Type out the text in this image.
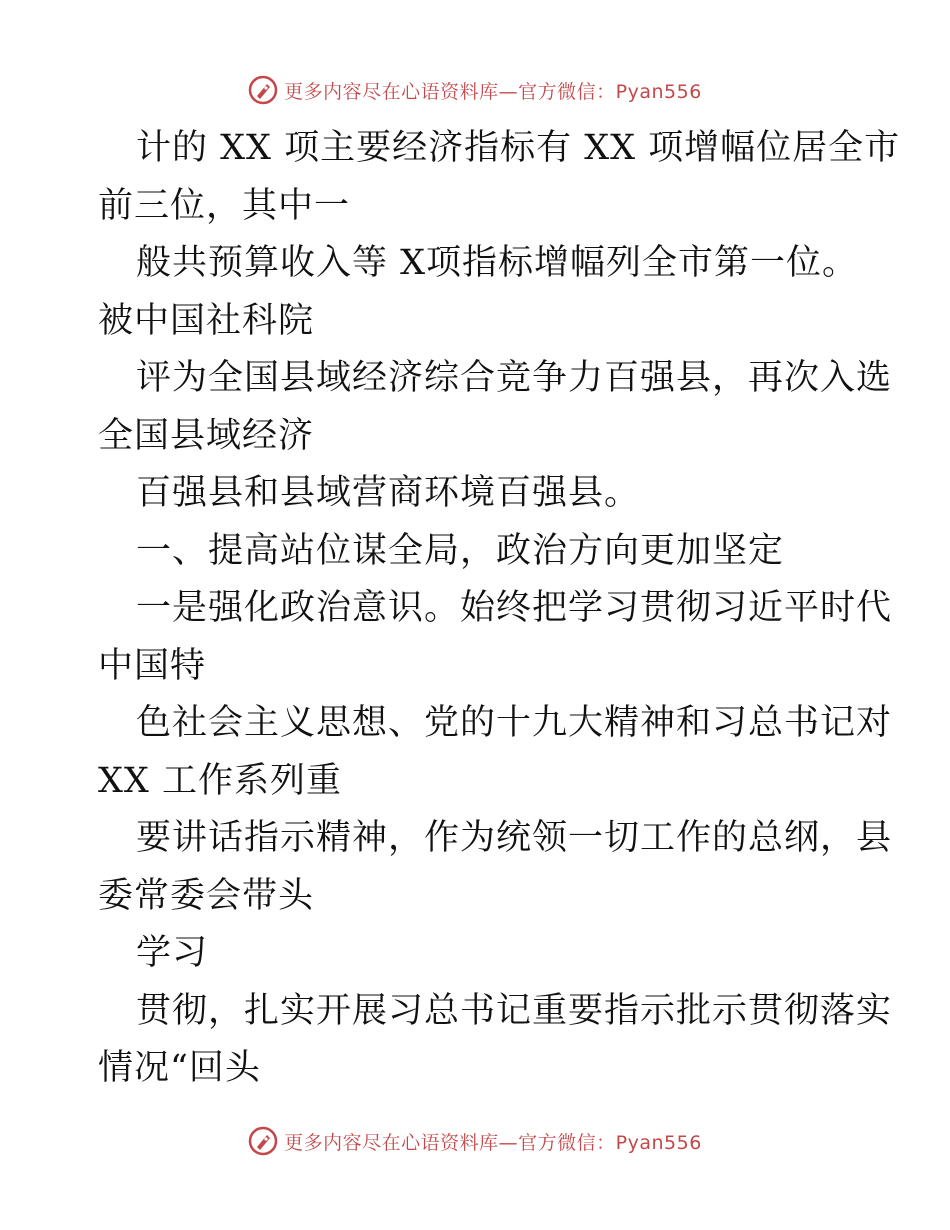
更多内容尽在心语资料库—官方微信：Pyan556
计的 XX 项主要经济指标有 XX 项增幅位居全市
前三位，其中一
般共预算收入等 X项指标增幅列全市第一位。
被中国社科院
评为全国县域经济综合竞争力百强县，再次入选
全国县域经济
百强县和县域营商环境百强县。
一、提高站位谋全局，政治方向更加坚定
一是强化政治意识。始终把学习贯彻习近平时代
中国特
色社会主义思想、党的十九大精神和习总书记对
XX 工作系列重
要讲话指示精神，作为统领一切工作的总纲，县
委常委会带头
学习
贯彻，扎实开展习总书记重要指示批示贯彻落实
情况“回头
更多内容尽在心语资料库—官方微信：Pyan556
